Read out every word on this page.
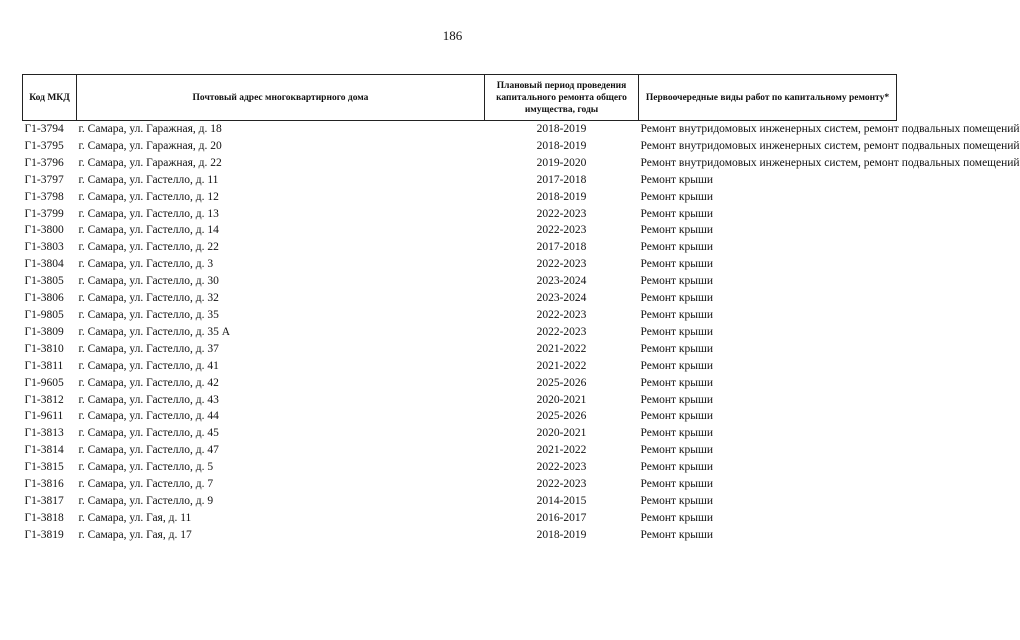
186
Код МКД	Почтовый адрес многоквартирного дома	Плановый период проведения капитального ремонта общего имущества, годы	Первоочередные виды работ по капитальному ремонту*
Г1-3794	г. Самара, ул. Гаражная, д. 18	2018-2019	Ремонт внутридомовых инженерных систем, ремонт подвальных помещений
Г1-3795	г. Самара, ул. Гаражная, д. 20	2018-2019	Ремонт внутридомовых инженерных систем, ремонт подвальных помещений
Г1-3796	г. Самара, ул. Гаражная, д. 22	2019-2020	Ремонт внутридомовых инженерных систем, ремонт подвальных помещений
Г1-3797	г. Самара, ул. Гастелло, д. 11	2017-2018	Ремонт крыши
Г1-3798	г. Самара, ул. Гастелло, д. 12	2018-2019	Ремонт крыши
Г1-3799	г. Самара, ул. Гастелло, д. 13	2022-2023	Ремонт крыши
Г1-3800	г. Самара, ул. Гастелло, д. 14	2022-2023	Ремонт крыши
Г1-3803	г. Самара, ул. Гастелло, д. 22	2017-2018	Ремонт крыши
Г1-3804	г. Самара, ул. Гастелло, д. 3	2022-2023	Ремонт крыши
Г1-3805	г. Самара, ул. Гастелло, д. 30	2023-2024	Ремонт крыши
Г1-3806	г. Самара, ул. Гастелло, д. 32	2023-2024	Ремонт крыши
Г1-9805	г. Самара, ул. Гастелло, д. 35	2022-2023	Ремонт крыши
Г1-3809	г. Самара, ул. Гастелло, д. 35 А	2022-2023	Ремонт крыши
Г1-3810	г. Самара, ул. Гастелло, д. 37	2021-2022	Ремонт крыши
Г1-3811	г. Самара, ул. Гастелло, д. 41	2021-2022	Ремонт крыши
Г1-9605	г. Самара, ул. Гастелло, д. 42	2025-2026	Ремонт крыши
Г1-3812	г. Самара, ул. Гастелло, д. 43	2020-2021	Ремонт крыши
Г1-9611	г. Самара, ул. Гастелло, д. 44	2025-2026	Ремонт крыши
Г1-3813	г. Самара, ул. Гастелло, д. 45	2020-2021	Ремонт крыши
Г1-3814	г. Самара, ул. Гастелло, д. 47	2021-2022	Ремонт крыши
Г1-3815	г. Самара, ул. Гастелло, д. 5	2022-2023	Ремонт крыши
Г1-3816	г. Самара, ул. Гастелло, д. 7	2022-2023	Ремонт крыши
Г1-3817	г. Самара, ул. Гастелло, д. 9	2014-2015	Ремонт крыши
Г1-3818	г. Самара, ул. Гая, д. 11	2016-2017	Ремонт крыши
Г1-3819	г. Самара, ул. Гая, д. 17	2018-2019	Ремонт крыши
